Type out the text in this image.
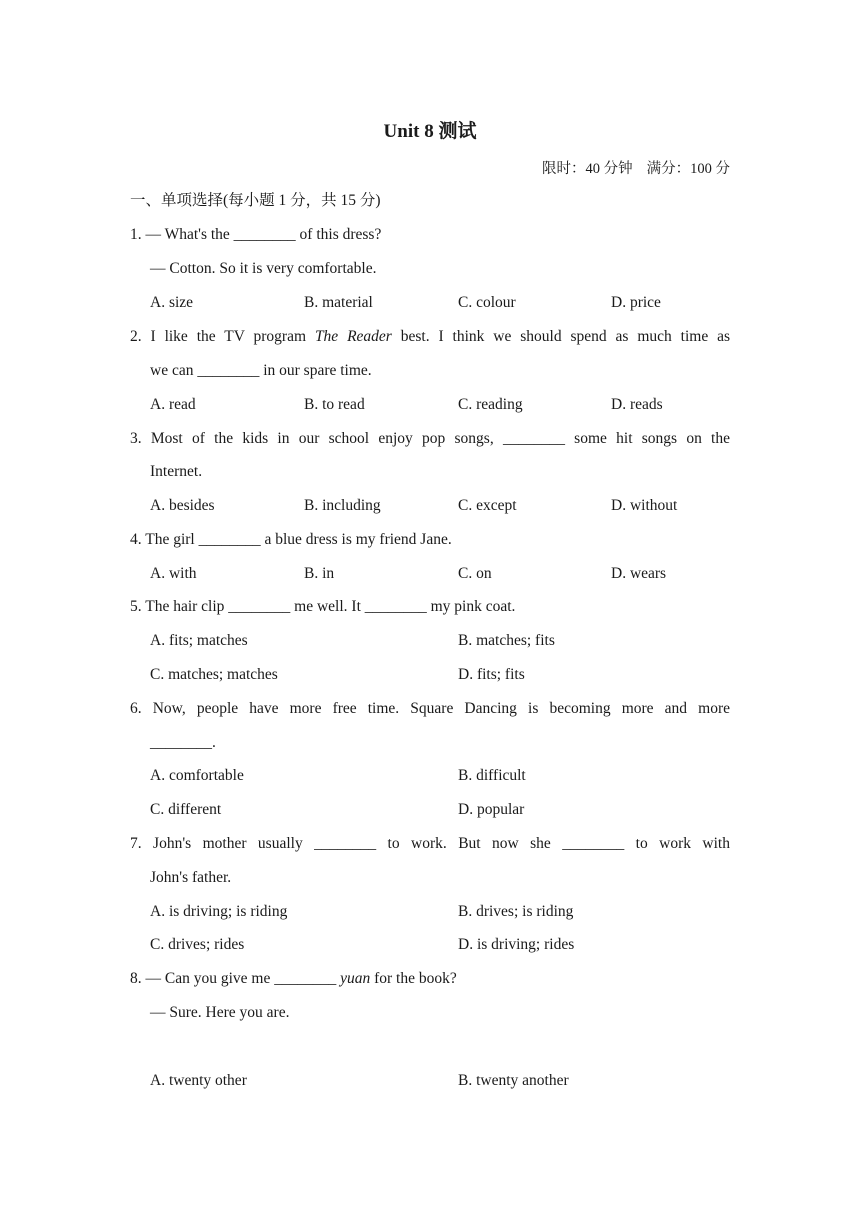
Unit 8 测试
限时：40 分钟 满分：100 分
一、单项选择(每小题 1 分，共 15 分)
1. — What's the ________ of this dress?
— Cotton. So it is very comfortable.
A. size	B. material	C. colour	D. price
2. I like the TV program The Reader best. I think we should spend as much time as
we can ________ in our spare time.
A. read	B. to read	C. reading	D. reads
3. Most of the kids in our school enjoy pop songs, ________ some hit songs on the
Internet.
A. besides	B. including	C. except	D. without
4. The girl ________ a blue dress is my friend Jane.
A. with	B. in	C. on	D. wears
5. The hair clip ________ me well. It ________ my pink coat.
A. fits; matches	B. matches; fits
C. matches; matches	D. fits; fits
6. Now, people have more free time. Square Dancing is becoming more and more
________.
A. comfortable	B. difficult
C. different	D. popular
7. John's mother usually ________ to work. But now she ________ to work with
John's father.
A. is driving; is riding	B. drives; is riding
C. drives; rides	D. is driving; rides
8. — Can you give me ________ yuan for the book?
— Sure. Here you are.
A. twenty other	B. twenty another
